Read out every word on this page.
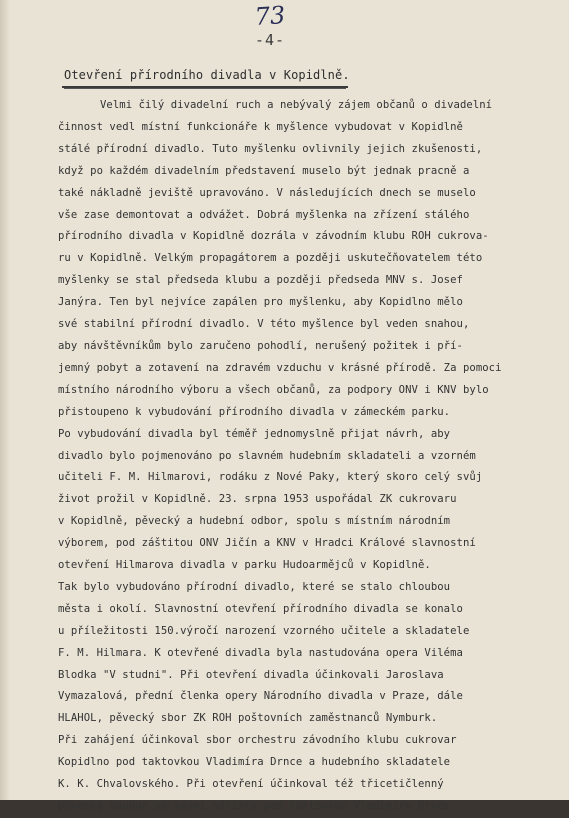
73
-4-
Otevření přírodního divadla v Kopidlně.
Velmi čilý divadelní ruch a nebývalý zájem občanů o divadelní
činnost vedl místní funkcionáře k myšlence vybudovat v Kopidlně
stálé přírodní divadlo. Tuto myšlenku ovlivnily jejich zkušenosti,
když po každém divadelním představení muselo být jednak pracně a
také nákladně jeviště upravováno. V následujících dnech se muselo
vše zase demontovat a odvážet. Dobrá myšlenka na zřízení stálého
přírodního divadla v Kopidlně dozrála v závodním klubu ROH cukrova-
ru v Kopidlně. Velkým propagátorem a později uskutečňovatelem této
myšlenky se stal předseda klubu a později předseda MNV s. Josef
Janýra. Ten byl nejvíce zapálen pro myšlenku, aby Kopidlno mělo
své stabilní přírodní divadlo. V této myšlence byl veden snahou,
aby návštěvníkům bylo zaručeno pohodlí, nerušený požitek i pří-
jemný pobyt a zotavení na zdravém vzduchu v krásné přírodě. Za pomoci
místního národního výboru a všech občanů, za podpory ONV i KNV bylo
přistoupeno k vybudování přírodního divadla v zámeckém parku.
Po vybudování divadla byl téměř jednomyslně přijat návrh, aby
divadlo bylo pojmenováno po slavném hudebním skladateli a vzorném
učiteli F. M. Hilmarovi, rodáku z Nové Paky, který skoro celý svůj
život prožil v Kopidlně. 23. srpna 1953 uspořádal ZK cukrovaru
v Kopidlně, pěvecký a hudební odbor, spolu s místním národním
výborem, pod záštitou ONV Jičín a KNV v Hradci Králové slavnostní
otevření Hilmarova divadla v parku Hudoarmějců v Kopidlně.
Tak bylo vybudováno přírodní divadlo, které se stalo chloubou
města i okolí. Slavnostní otevření přírodního divadla se konalo
u příležitosti 150.výročí narození vzorného učitele a skladatele
F. M. Hilmara. K otevřené divadla byla nastudována opera Viléma
Blodka "V studni". Při otevření divadla účinkovali Jaroslava
Vymazalová, přední členka opery Národního divadla v Praze, dále
HLAHOL, pěvecký sbor ZK ROH poštovních zaměstnanců Nymburk.
Při zahájení účinkoval sbor orchestru závodního klubu cukrovar
Kopidlno pod taktovkou Vladimíra Drnce a hudebního skladatele
K. K. Chvalovského. Při otevření účinkoval též třicetičlenný
pěvecký soubor se svými sólisty pod taktovkou Vladimíra Drnce.
